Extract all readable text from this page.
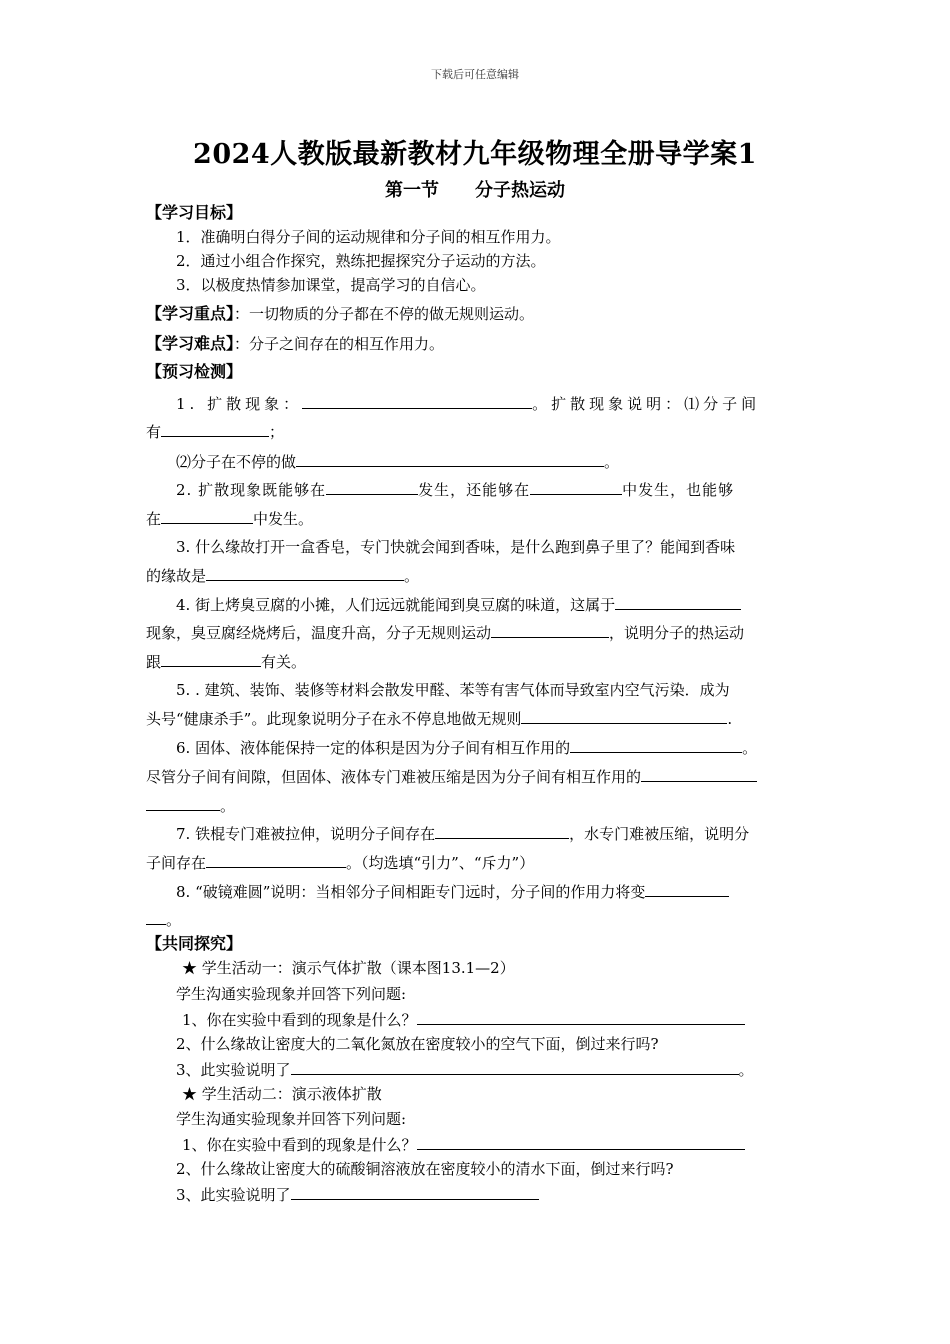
下载后可任意编辑
2024人教版最新教材九年级物理全册导学案1
第一节 分子热运动
【学习目标】
1．准确明白得分子间的运动规律和分子间的相互作用力。
2．通过小组合作探究，熟练把握探究分子运动的方法。
3．以极度热情参加课堂，提高学习的自信心。
【学习重点】：一切物质的分子都在不停的做无规则运动。
【学习难点】：分子之间存在的相互作用力。
【预习检测】
1. 扩散现象：	。扩散现象说明：⑴分子间
有	；
⑵分子在不停的做	。
2. 扩散现象既能够在	发生，还能够在	中发生，也能够
在	中发生。
3. 什么缘故打开一盒香皂，专门快就会闻到香味，是什么跑到鼻子里了？能闻到香味
的缘故是	。
4. 街上烤臭豆腐的小摊，人们远远就能闻到臭豆腐的味道，这属于
现象，臭豆腐经烧烤后，温度升高，分子无规则运动	，说明分子的热运动
跟	有关。
5. . 建筑、装饰、装修等材料会散发甲醛、苯等有害气体而导致室内空气污染．成为
头号“健康杀手”。此现象说明分子在永不停息地做无规则	.
6. 固体、液体能保持一定的体积是因为分子间有相互作用的	。
尽管分子间有间隙，但固体、液体专门难被压缩是因为分子间有相互作用的
。
7. 铁棍专门难被拉伸，说明分子间存在	，水专门难被压缩，说明分
子间存在	。（均选填“引力”、“斥力”）
8. “破镜难圆”说明：当相邻分子间相距专门远时，分子间的作用力将变
。
【共同探究】
★ 学生活动一：演示气体扩散（课本图13.1—2）
学生沟通实验现象并回答下列问题:
1、你在实验中看到的现象是什么？
2、什么缘故让密度大的二氧化氮放在密度较小的空气下面，倒过来行吗?
3、此实验说明了	。
★ 学生活动二：演示液体扩散
学生沟通实验现象并回答下列问题:
1、你在实验中看到的现象是什么？
2、什么缘故让密度大的硫酸铜溶液放在密度较小的清水下面，倒过来行吗?
3、此实验说明了
